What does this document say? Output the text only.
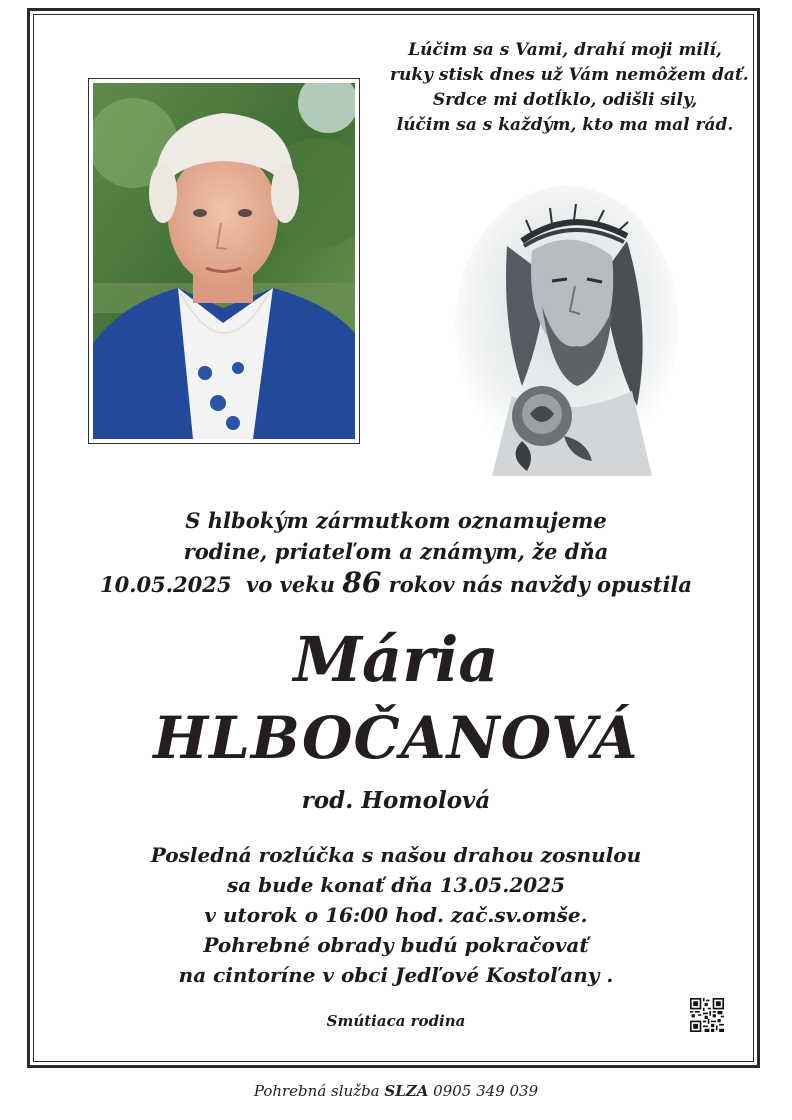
Lúčim sa s Vami, drahí moji milí,
ruky stisk dnes už Vám nemôžem dať.
Srdce mi dotĺklo, odišli sily,
lúčim sa s každým, kto ma mal rád.
S hlbokým zármutkom oznamujeme
rodine, priateľom a známym, že dňa
10.05.2025 vo veku 86 rokov nás navždy opustila
Mária
HLBOČANOVÁ
rod. Homolová
Posledná rozlúčka s našou drahou zosnulou
sa bude konať dňa 13.05.2025
v utorok o 16:00 hod. zač.sv.omše.
Pohrebné obrady budú pokračovať
na cintoríne v obci Jedľové Kostoľany .
Smútiaca rodina
Pohrebná služba SLZA 0905 349 039
